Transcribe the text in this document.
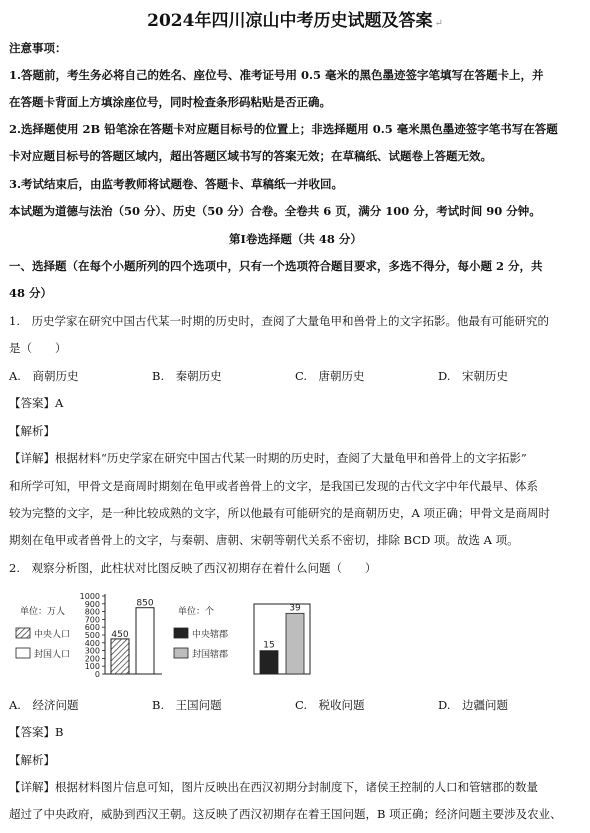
2024年四川凉山中考历史试题及答案 ↵
注意事项：
1.答题前，考生务必将自己的姓名、座位号、准考证号用 0.5 毫米的黑色墨迹签字笔填写在答题卡上，并
在答题卡背面上方填涂座位号，同时检查条形码粘贴是否正确。
2.选择题使用 2B 铅笔涂在答题卡对应题目标号的位置上；非选择题用 0.5 毫米黑色墨迹签字笔书写在答题
卡对应题目标号的答题区域内，超出答题区域书写的答案无效；在草稿纸、试题卷上答题无效。
3.考试结束后，由监考教师将试题卷、答题卡、草稿纸一并收回。
本试题为道德与法治（50 分）、历史（50 分）合卷。全卷共 6 页，满分 100 分，考试时间 90 分钟。
第Ⅰ卷选择题（共 48 分）
一、选择题（在每个小题所列的四个选项中，只有一个选项符合题目要求，多选不得分，每小题 2 分，共
48 分）
1.　历史学家在研究中国古代某一时期的历史时，查阅了大量龟甲和兽骨上的文字拓影。他最有可能研究的
是（　　）
A.　商朝历史	B.　秦朝历史	C.　唐朝历史	D.　宋朝历史
【答案】A
【解析】
【详解】根据材料“历史学家在研究中国古代某一时期的历史时，查阅了大量龟甲和兽骨上的文字拓影”
和所学可知，甲骨文是商周时期刻在龟甲或者兽骨上的文字，是我国已发现的古代文字中年代最早、体系
较为完整的文字，是一种比较成熟的文字，所以他最有可能研究的是商朝历史，A 项正确；甲骨文是商周时
期刻在龟甲或者兽骨上的文字，与秦朝、唐朝、宋朝等朝代关系不密切，排除 BCD 项。故选 A 项。
2.　观察分析图，此柱状对比图反映了西汉初期存在着什么问题（　　）
单位：万人
0
100
200
300
400
500
600
700
800
900
1000
中央人口
封国人口
450
850
单位：个
中央辖郡
封国辖郡
15
39
A.　经济问题	B.　王国问题	C.　税收问题	D.　边疆问题
【答案】B
【解析】
【详解】根据材料图片信息可知，图片反映出在西汉初期分封制度下，诸侯王控制的人口和管辖郡的数量
超过了中央政府，威胁到西汉王朝。这反映了西汉初期存在着王国问题，B 项正确；经济问题主要涉及农业、
